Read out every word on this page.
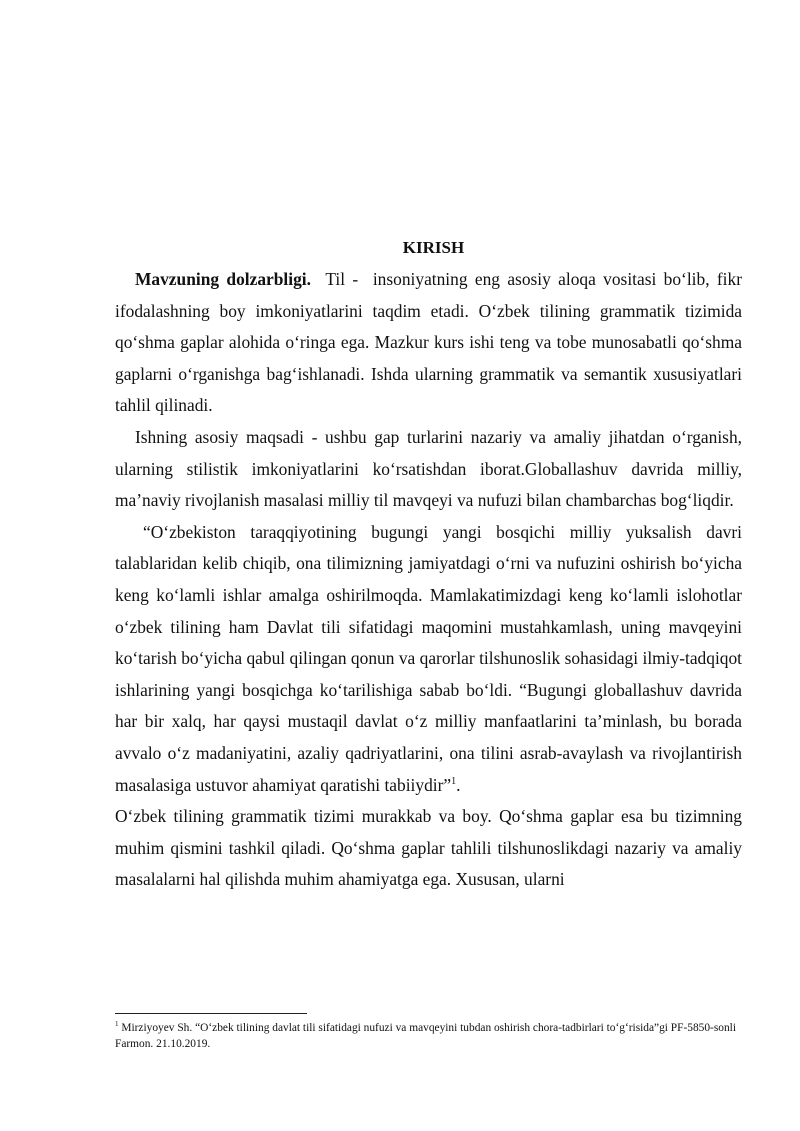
KIRISH

Mavzuning dolzarbligi.  Til -  insoniyatning eng asosiy aloqa vositasi bo‘lib, fikr ifodalashning boy imkoniyatlarini taqdim etadi. O‘zbek tilining grammatik tizimida qo‘shma gaplar alohida o‘ringa ega. Mazkur kurs ishi teng va tobe munosabatli qo‘shma gaplarni o‘rganishga bag‘ishlanadi. Ishda ularning grammatik va semantik xususiyatlari tahlil qilinadi.

Ishning asosiy maqsadi - ushbu gap turlarini nazariy va amaliy jihatdan o‘rganish, ularning stilistik imkoniyatlarini ko‘rsatishdan iborat.Globallashuv davrida milliy, ma’naviy rivojlanish masalasi milliy til mavqeyi va nufuzi bilan chambarchas bog‘liqdir.

“O‘zbekiston taraqqiyotining bugungi yangi bosqichi milliy yuksalish davri talablaridan kelib chiqib, ona tilimizning jamiyatdagi o‘rni va nufuzini oshirish bo‘yicha keng ko‘lamli ishlar amalga oshirilmoqda. Mamlakatimizdagi keng ko‘lamli islohotlar o‘zbek tilining ham Davlat tili sifatidagi maqomini mustahkamlash, uning mavqeyini ko‘tarish bo‘yicha qabul qilingan qonun va qarorlar tilshunoslik sohasidagi ilmiy-tadqiqot ishlarining yangi bosqichga ko‘tarilishiga sabab bo‘ldi. “Bugungi globallashuv davrida har bir xalq, har qaysi mustaqil davlat o‘z milliy manfaatlarini ta’minlash, bu borada avvalo o‘z madaniyatini, azaliy qadriyatlarini, ona tilini asrab-avaylash va rivojlantirish masalasiga ustuvor ahamiyat qaratishi tabiiydir”$^1$.

O‘zbek tilining grammatik tizimi murakkab va boy. Qo‘shma gaplar esa bu tizimning muhim qismini tashkil qiladi. Qo‘shma gaplar tahlili tilshunoslikdagi nazariy va amaliy masalalarni hal qilishda muhim ahamiyatga ega. Xususan, ularni

$^1$ Mirziyoyev Sh. “O‘zbek tilining davlat tili sifatidagi nufuzi va mavqeyini tubdan oshirish chora-tadbirlari to‘g‘risida”gi PF-5850-sonli Farmon. 21.10.2019.
